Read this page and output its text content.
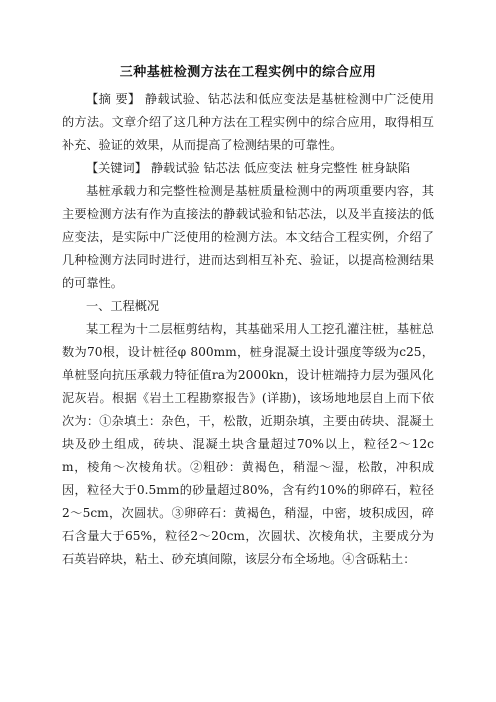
三种基桩检测方法在工程实例中的综合应用

【摘 要】 静载试验、钻芯法和低应变法是基桩检测中广泛使用的方法。文章介绍了这几种方法在工程实例中的综合应用，取得相互补充、验证的效果，从而提高了检测结果的可靠性。

【关键词】 静载试验 钻芯法 低应变法 桩身完整性 桩身缺陷

基桩承载力和完整性检测是基桩质量检测中的两项重要内容，其主要检测方法有作为直接法的静载试验和钻芯法，以及半直接法的低应变法，是实际中广泛使用的检测方法。本文结合工程实例，介绍了几种检测方法同时进行，进而达到相互补充、验证，以提高检测结果的可靠性。

一、工程概况

某工程为十二层框剪结构，其基础采用人工挖孔灌注桩，基桩总数为70根，设计桩径φ 800mm，桩身混凝土设计强度等级为c25，单桩竖向抗压承载力特征值ra为2000kn，设计桩端持力层为强风化泥灰岩。根据《岩土工程勘察报告》(详勘)，该场地地层自上而下依次为：①杂填土：杂色，干，松散，近期杂填，主要由砖块、混凝土块及砂土组成，砖块、混凝土块含量超过70%以上，粒径2～12cm，棱角～次棱角状。②粗砂：黄褐色，稍湿～湿，松散，冲积成因，粒径大于0.5mm的砂量超过80%，含有约10%的卵碎石，粒径2～5cm，次圆状。③卵碎石：黄褐色，稍湿，中密，坡积成因，碎石含量大于65%，粒径2～20cm，次圆状、次棱角状，主要成分为石英岩碎块，粘土、砂充填间隙，该层分布全场地。④含砾粘土：
